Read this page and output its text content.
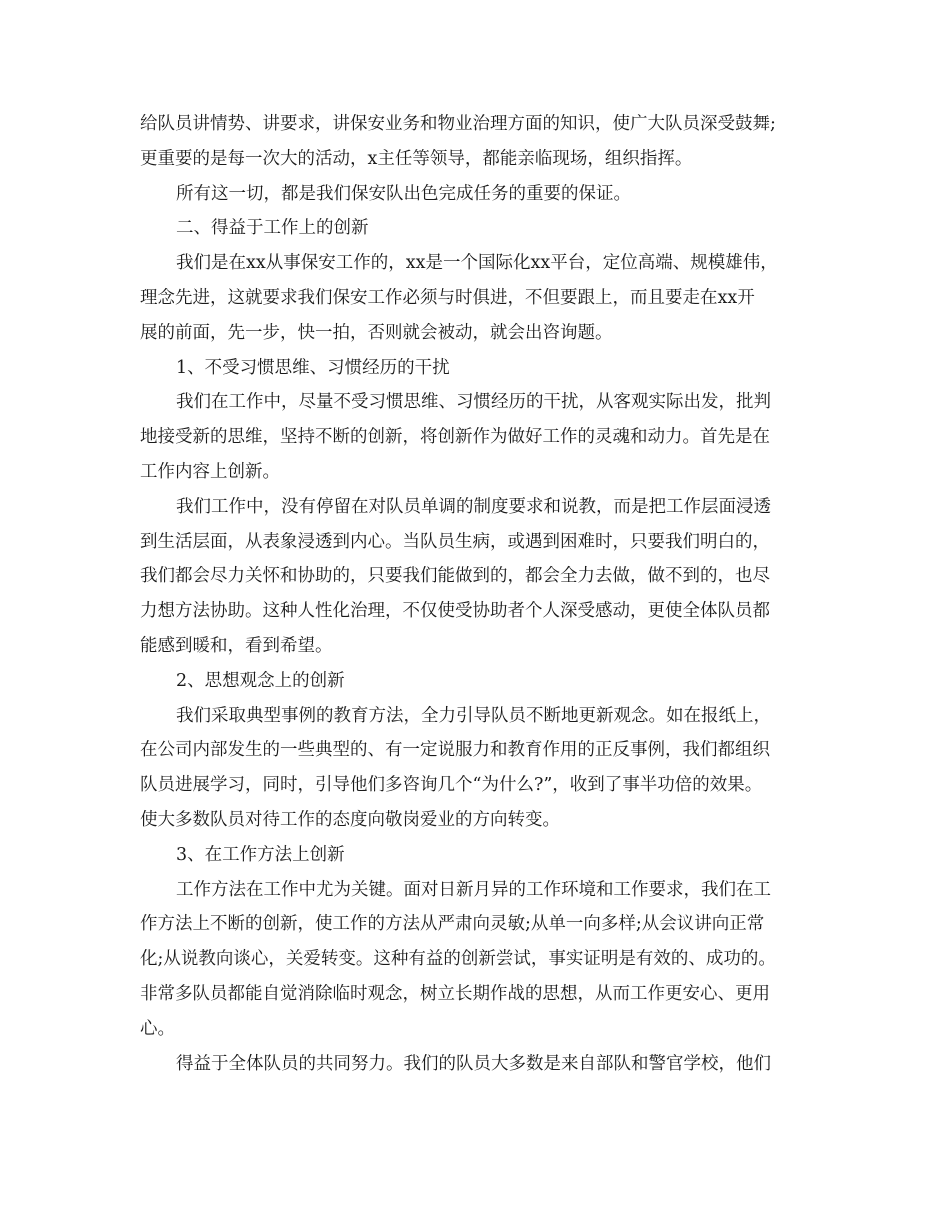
给队员讲情势、讲要求，讲保安业务和物业治理方面的知识，使广大队员深受鼓舞;
更重要的是每一次大的活动，x主任等领导，都能亲临现场，组织指挥。
所有这一切，都是我们保安队出色完成任务的重要的保证。
二、得益于工作上的创新
我们是在xx从事保安工作的，xx是一个国际化xx平台，定位高端、规模雄伟，
理念先进，这就要求我们保安工作必须与时俱进，不但要跟上，而且要走在xx开
展的前面，先一步，快一拍，否则就会被动，就会出咨询题。
1、不受习惯思维、习惯经历的干扰
我们在工作中，尽量不受习惯思维、习惯经历的干扰，从客观实际出发，批判
地接受新的思维，坚持不断的创新，将创新作为做好工作的灵魂和动力。首先是在
工作内容上创新。
我们工作中，没有停留在对队员单调的制度要求和说教，而是把工作层面浸透
到生活层面，从表象浸透到内心。当队员生病，或遇到困难时，只要我们明白的，
我们都会尽力关怀和协助的，只要我们能做到的，都会全力去做，做不到的，也尽
力想方法协助。这种人性化治理，不仅使受协助者个人深受感动，更使全体队员都
能感到暖和，看到希望。
2、思想观念上的创新
我们采取典型事例的教育方法，全力引导队员不断地更新观念。如在报纸上，
在公司内部发生的一些典型的、有一定说服力和教育作用的正反事例，我们都组织
队员进展学习，同时，引导他们多咨询几个“为什么?”，收到了事半功倍的效果。
使大多数队员对待工作的态度向敬岗爱业的方向转变。
3、在工作方法上创新
工作方法在工作中尤为关键。面对日新月异的工作环境和工作要求，我们在工
作方法上不断的创新，使工作的方法从严肃向灵敏;从单一向多样;从会议讲向正常
化;从说教向谈心，关爱转变。这种有益的创新尝试，事实证明是有效的、成功的。
非常多队员都能自觉消除临时观念，树立长期作战的思想，从而工作更安心、更用
心。
得益于全体队员的共同努力。我们的队员大多数是来自部队和警官学校，他们
